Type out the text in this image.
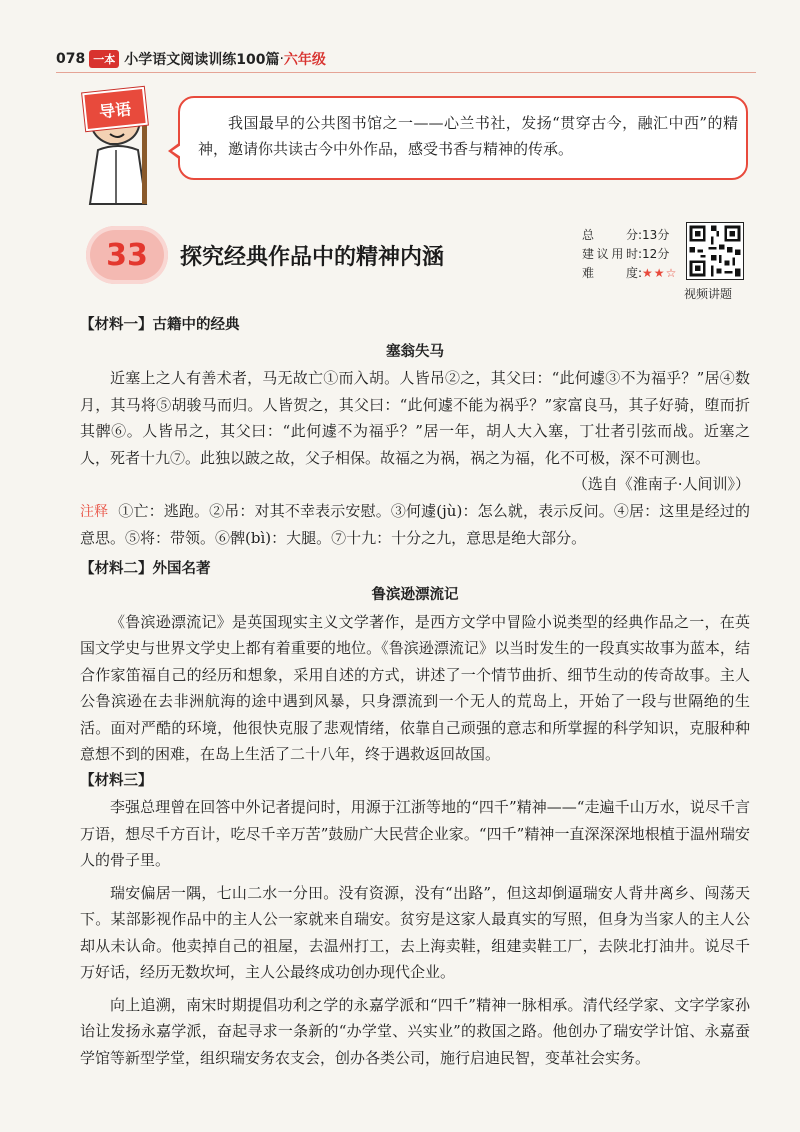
078 一本 小学语文阅读训练100篇 · 六年级
导语
我国最早的公共图书馆之一——心兰书社，发扬“贯穿古今，融汇中西”的精神，邀请你共读古今中外作品，感受书香与精神的传承。
33	探究经典作品中的精神内涵
总分 : 13分
建议用时 : 12分
难度 : ★★☆
视频讲题

【材料一】古籍中的经典

塞翁失马

近塞上之人有善术者，马无故亡①而入胡。人皆吊②之，其父曰：“此何遽③不为福乎？”居④数月，其马将⑤胡骏马而归。人皆贺之，其父曰：“此何遽不能为祸乎？”家富良马，其子好骑，堕而折其髀⑥。人皆吊之，其父曰：“此何遽不为福乎？”居一年，胡人大入塞，丁壮者引弦而战。近塞之人，死者十九⑦。此独以跛之故，父子相保。故福之为祸，祸之为福，化不可极，深不可测也。

（选自《淮南子·人间训》）

注释 ①亡：逃跑。②吊：对其不幸表示安慰。③何遽(jù)：怎么就，表示反问。④居：这里是经过的意思。⑤将：带领。⑥髀(bì)：大腿。⑦十九：十分之九，意思是绝大部分。

【材料二】外国名著

鲁滨逊漂流记

《鲁滨逊漂流记》是英国现实主义文学著作，是西方文学中冒险小说类型的经典作品之一，在英国文学史与世界文学史上都有着重要的地位。《鲁滨逊漂流记》以当时发生的一段真实故事为蓝本，结合作家笛福自己的经历和想象，采用自述的方式，讲述了一个情节曲折、细节生动的传奇故事。主人公鲁滨逊在去非洲航海的途中遇到风暴，只身漂流到一个无人的荒岛上，开始了一段与世隔绝的生活。面对严酷的环境，他很快克服了悲观情绪，依靠自己顽强的意志和所掌握的科学知识，克服种种意想不到的困难，在岛上生活了二十八年，终于遇救返回故国。

【材料三】

李强总理曾在回答中外记者提问时，用源于江浙等地的“四千”精神——“走遍千山万水，说尽千言万语，想尽千方百计，吃尽千辛万苦”鼓励广大民营企业家。“四千”精神一直深深深地根植于温州瑞安人的骨子里。

瑞安偏居一隅，七山二水一分田。没有资源，没有“出路”，但这却倒逼瑞安人背井离乡、闯荡天下。某部影视作品中的主人公一家就来自瑞安。贫穷是这家人最真实的写照，但身为当家人的主人公却从未认命。他卖掉自己的祖屋，去温州打工，去上海卖鞋，组建卖鞋工厂，去陕北打油井。说尽千万好话，经历无数坎坷，主人公最终成功创办现代企业。

向上追溯，南宋时期提倡功利之学的永嘉学派和“四千”精神一脉相承。清代经学家、文字学家孙诒让发扬永嘉学派，奋起寻求一条新的“办学堂、兴实业”的救国之路。他创办了瑞安学计馆、永嘉蚕学馆等新型学堂，组织瑞安务农支会，创办各类公司，施行启迪民智，变革社会实务。
